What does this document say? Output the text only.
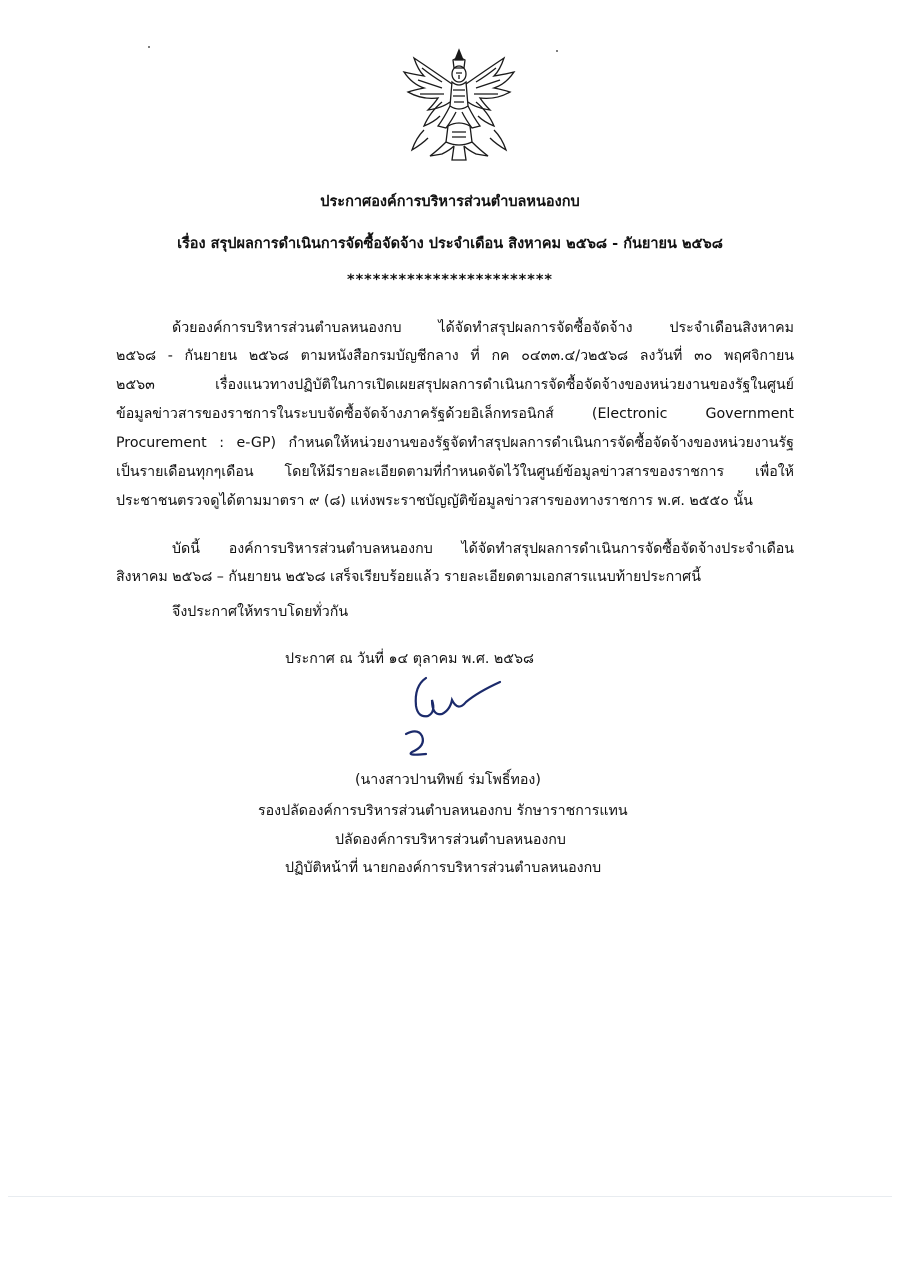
ประกาศองค์การบริหารส่วนตำบลหนองกบ
เรื่อง สรุปผลการดำเนินการจัดซื้อจัดจ้าง ประจำเดือน สิงหาคม ๒๕๖๘ - กันยายน ๒๕๖๘
************************
ด้วยองค์การบริหารส่วนตำบลหนองกบ ได้จัดทำสรุปผลการจัดซื้อจัดจ้าง ประจำเดือนสิงหาคม
๒๕๖๘ - กันยายน ๒๕๖๘ ตามหนังสือกรมบัญชีกลาง ที่ กค ๐๔๓๓.๔/ว๒๕๖๘ ลงวันที่ ๓๐ พฤศจิกายน
๒๕๖๓ เรื่องแนวทางปฏิบัติในการเปิดเผยสรุปผลการดำเนินการจัดซื้อจัดจ้างของหน่วยงานของรัฐในศูนย์
ข้อมูลข่าวสารของราชการในระบบจัดซื้อจัดจ้างภาครัฐด้วยอิเล็กทรอนิกส์ (Electronic Government
Procurement : e-GP) กำหนดให้หน่วยงานของรัฐจัดทำสรุปผลการดำเนินการจัดซื้อจัดจ้างของหน่วยงานรัฐ
เป็นรายเดือนทุกๆเดือน โดยให้มีรายละเอียดตามที่กำหนดจัดไว้ในศูนย์ข้อมูลข่าวสารของราชการ เพื่อให้
ประชาชนตรวจดูได้ตามมาตรา ๙ (๘) แห่งพระราชบัญญัติข้อมูลข่าวสารของทางราชการ พ.ศ. ๒๕๕๐ นั้น
บัดนี้ องค์การบริหารส่วนตำบลหนองกบ ได้จัดทำสรุปผลการดำเนินการจัดซื้อจัดจ้างประจำเดือน
สิงหาคม ๒๕๖๘ – กันยายน ๒๕๖๘ เสร็จเรียบร้อยแล้ว รายละเอียดตามเอกสารแนบท้ายประกาศนี้
จึงประกาศให้ทราบโดยทั่วกัน
ประกาศ ณ วันที่ ๑๔ ตุลาคม พ.ศ. ๒๕๖๘
(นางสาวปานทิพย์ ร่มโพธิ์ทอง)
รองปลัดองค์การบริหารส่วนตำบลหนองกบ รักษาราชการแทน
ปลัดองค์การบริหารส่วนตำบลหนองกบ
ปฏิบัติหน้าที่ นายกองค์การบริหารส่วนตำบลหนองกบ
